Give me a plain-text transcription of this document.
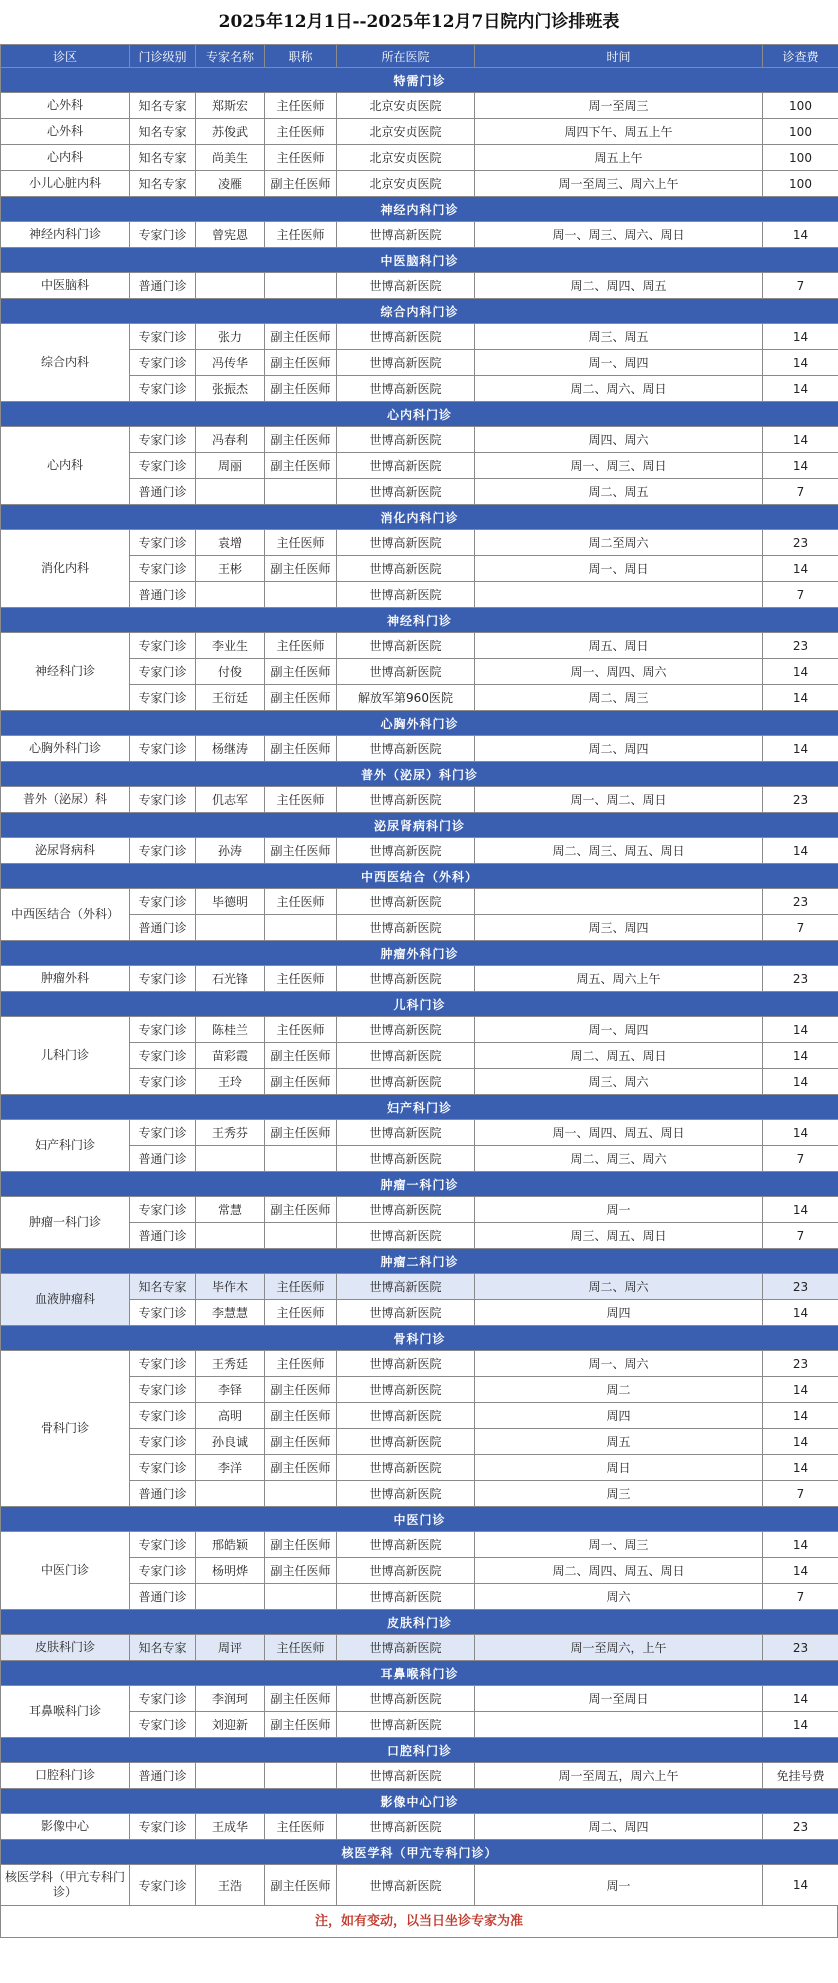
2025年12月1日--2025年12月7日院内门诊排班表
诊区	门诊级别	专家名称	职称	所在医院	时间	诊查费
特需门诊						
心外科	知名专家	郑斯宏	主任医师	北京安贞医院	周一至周三	100
心外科	知名专家	苏俊武	主任医师	北京安贞医院	周四下午、周五上午	100
心内科	知名专家	尚美生	主任医师	北京安贞医院	周五上午	100
小儿心脏内科	知名专家	凌雁	副主任医师	北京安贞医院	周一至周三、周六上午	100
神经内科门诊						
神经内科门诊	专家门诊	曾宪恩	主任医师	世博高新医院	周一、周三、周六、周日	14
中医脑科门诊						
中医脑科	普通门诊			世博高新医院	周二、周四、周五	7
综合内科门诊						
综合内科	专家门诊	张力	副主任医师	世博高新医院	周三、周五	14
	专家门诊	冯传华	副主任医师	世博高新医院	周一、周四	14
	专家门诊	张振杰	副主任医师	世博高新医院	周二、周六、周日	14
心内科门诊						
心内科	专家门诊	冯春利	副主任医师	世博高新医院	周四、周六	14
	专家门诊	周丽	副主任医师	世博高新医院	周一、周三、周日	14
	普通门诊			世博高新医院	周二、周五	7
消化内科门诊						
消化内科	专家门诊	袁增	主任医师	世博高新医院	周二至周六	23
	专家门诊	王彬	副主任医师	世博高新医院	周一、周日	14
	普通门诊			世博高新医院		7
神经科门诊						
神经科门诊	专家门诊	李业生	主任医师	世博高新医院	周五、周日	23
	专家门诊	付俊	副主任医师	世博高新医院	周一、周四、周六	14
	专家门诊	王衍廷	副主任医师	解放军第960医院	周二、周三	14
心胸外科门诊						
心胸外科门诊	专家门诊	杨继涛	副主任医师	世博高新医院	周二、周四	14
普外（泌尿）科门诊						
普外（泌尿）科	专家门诊	仉志军	主任医师	世博高新医院	周一、周二、周日	23
泌尿肾病科门诊						
泌尿肾病科	专家门诊	孙涛	副主任医师	世博高新医院	周二、周三、周五、周日	14
中西医结合（外科）						
中西医结合（外科）	专家门诊	毕德明	主任医师	世博高新医院		23
	普通门诊			世博高新医院	周三、周四	7
肿瘤外科门诊						
肿瘤外科	专家门诊	石光锋	主任医师	世博高新医院	周五、周六上午	23
儿科门诊						
儿科门诊	专家门诊	陈桂兰	主任医师	世博高新医院	周一、周四	14
	专家门诊	苗彩霞	副主任医师	世博高新医院	周二、周五、周日	14
	专家门诊	王玲	副主任医师	世博高新医院	周三、周六	14
妇产科门诊						
妇产科门诊	专家门诊	王秀芬	副主任医师	世博高新医院	周一、周四、周五、周日	14
	普通门诊			世博高新医院	周二、周三、周六	7
肿瘤一科门诊						
肿瘤一科门诊	专家门诊	常慧	副主任医师	世博高新医院	周一	14
	普通门诊			世博高新医院	周三、周五、周日	7
肿瘤二科门诊						
血液肿瘤科	知名专家	毕作木	主任医师	世博高新医院	周二、周六	23
	专家门诊	李慧慧	主任医师	世博高新医院	周四	14
骨科门诊						
骨科门诊	专家门诊	王秀廷	主任医师	世博高新医院	周一、周六	23
	专家门诊	李铎	副主任医师	世博高新医院	周二	14
	专家门诊	高明	副主任医师	世博高新医院	周四	14
	专家门诊	孙良诚	副主任医师	世博高新医院	周五	14
	专家门诊	李洋	副主任医师	世博高新医院	周日	14
	普通门诊			世博高新医院	周三	7
中医门诊						
中医门诊	专家门诊	邢皓颖	副主任医师	世博高新医院	周一、周三	14
	专家门诊	杨明烨	副主任医师	世博高新医院	周二、周四、周五、周日	14
	普通门诊			世博高新医院	周六	7
皮肤科门诊						
皮肤科门诊	知名专家	周评	主任医师	世博高新医院	周一至周六，上午	23
耳鼻喉科门诊						
耳鼻喉科门诊	专家门诊	李润珂	副主任医师	世博高新医院	周一至周日	14
	专家门诊	刘迎新	副主任医师	世博高新医院		14
口腔科门诊						
口腔科门诊	普通门诊			世博高新医院	周一至周五，周六上午	免挂号费
影像中心门诊						
影像中心	专家门诊	王成华	主任医师	世博高新医院	周二、周四	23
核医学科（甲亢专科门诊）						
核医学科（甲亢专科门诊）	专家门诊	王浩	副主任医师	世博高新医院	周一	14
注，如有变动，以当日坐诊专家为准
